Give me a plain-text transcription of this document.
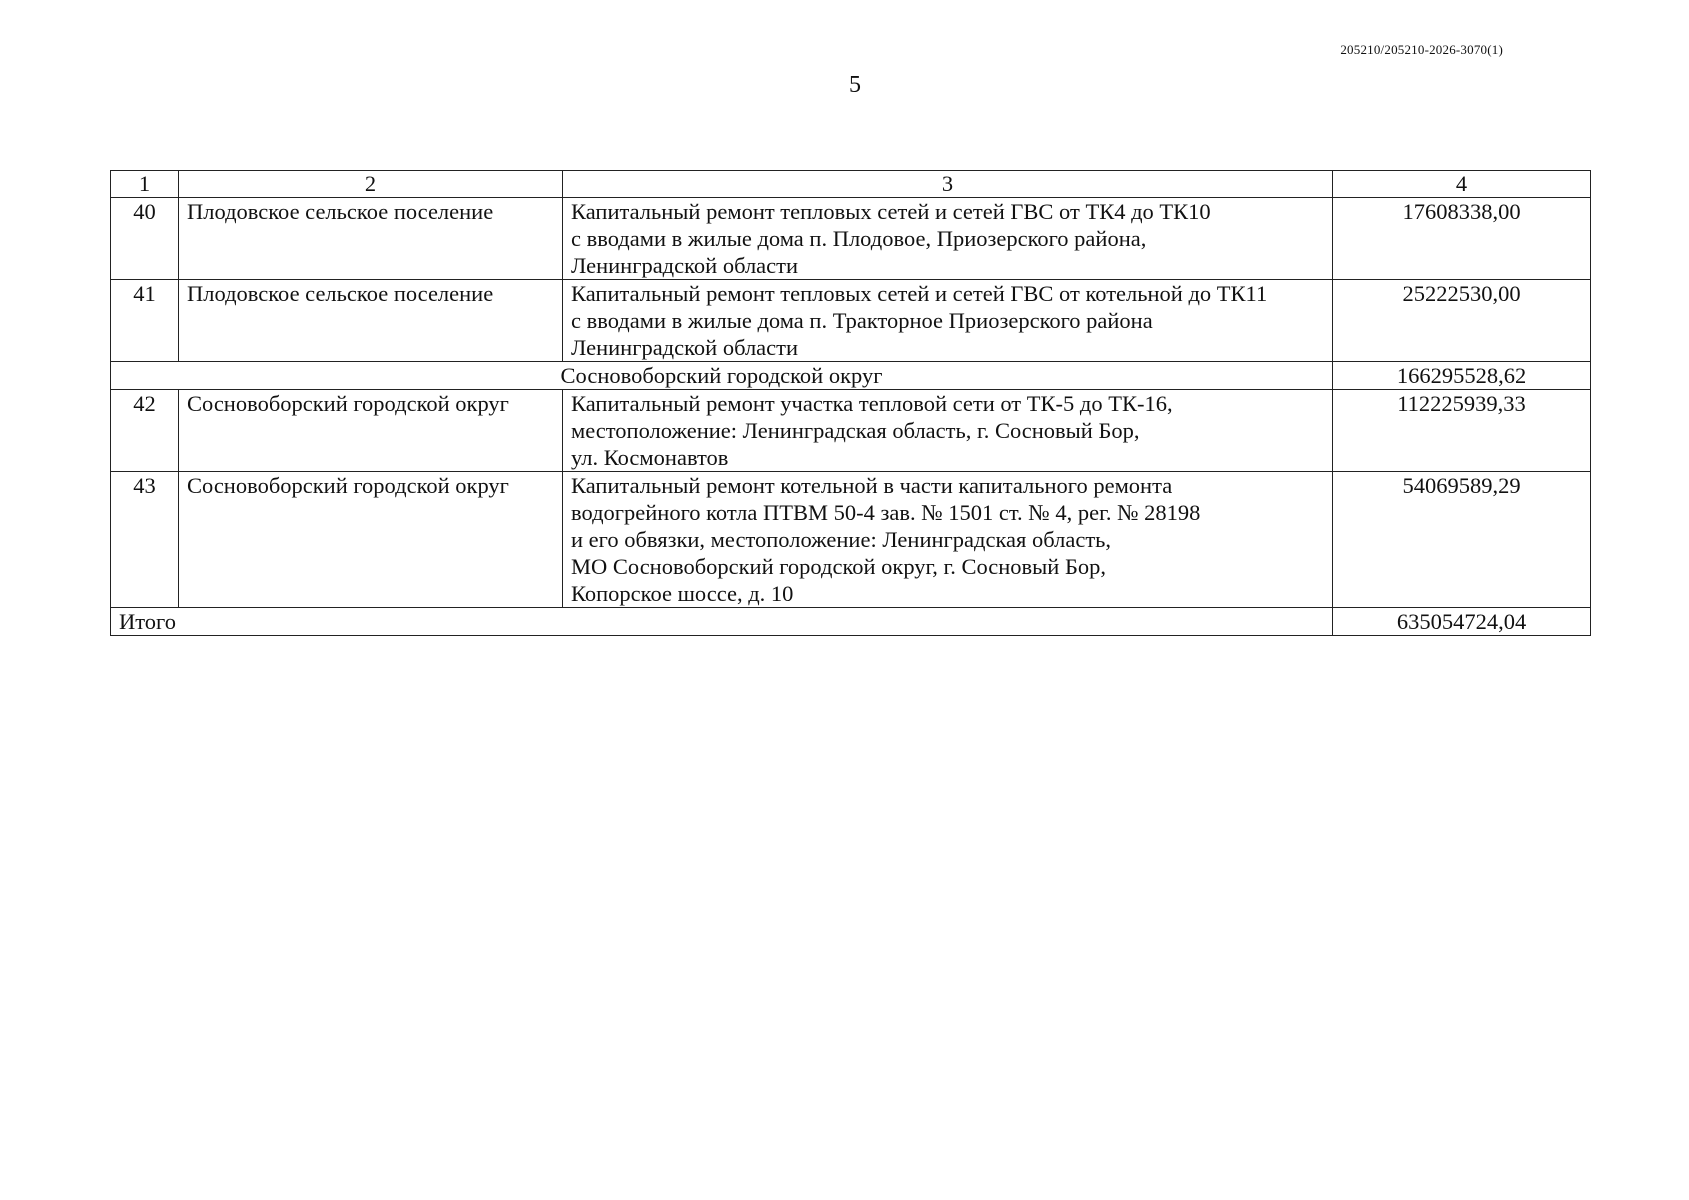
205210/205210-2026-3070(1)
5
1	2	3	4
40	Плодовское сельское поселение	Капитальный ремонт тепловых сетей и сетей ГВС от ТК4 до ТК10
с вводами в жилые дома п. Плодовое, Приозерского района,
Ленинградской области	17608338,00
41	Плодовское сельское поселение	Капитальный ремонт тепловых сетей и сетей ГВС от котельной до ТК11
с вводами в жилые дома п. Тракторное Приозерского района
Ленинградской области	25222530,00
Сосновоборский городской округ			166295528,62
42	Сосновоборский городской округ	Капитальный ремонт участка тепловой сети от ТК-5 до ТК-16,
местоположение: Ленинградская область, г. Сосновый Бор,
ул. Космонавтов	112225939,33
43	Сосновоборский городской округ	Капитальный ремонт котельной в части капитального ремонта
водогрейного котла ПТВМ 50-4 зав. № 1501 ст. № 4, рег. № 28198
и его обвязки, местоположение: Ленинградская область,
МО Сосновоборский городской округ, г. Сосновый Бор,
Копорское шоссе, д. 10	54069589,29
Итого			635054724,04
